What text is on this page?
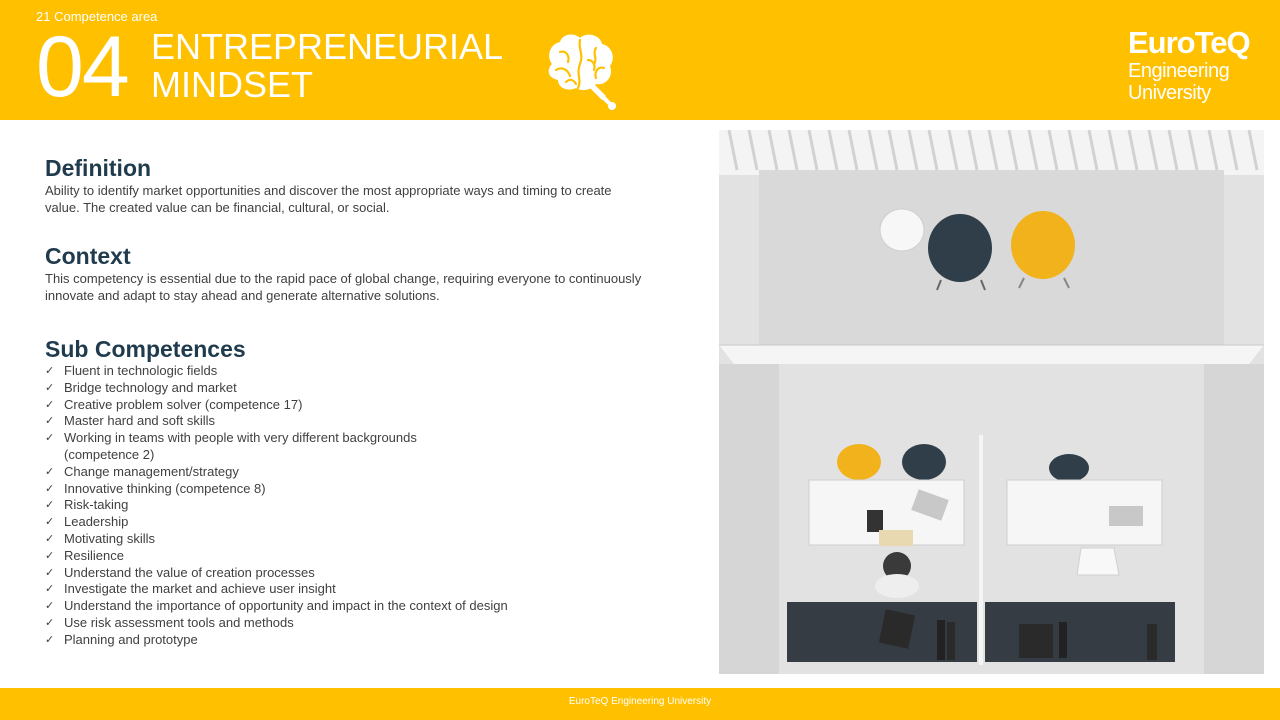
21 Competence area
04 ENTREPRENEURIAL
MINDSET
EuroTeQ
Engineering
University
Definition
Ability to identify market opportunities and discover the most appropriate ways and timing to create value. The created value can be financial, cultural, or social.
Context
This competency is essential due to the rapid pace of global change, requiring everyone to continuously innovate and adapt to stay ahead and generate alternative solutions.
Sub Competences
✓ Fluent in technologic fields
✓ Bridge technology and market
✓ Creative problem solver (competence 17)
✓ Master hard and soft skills
✓ Working in teams with people with very different backgrounds (competence 2)
✓ Change management/strategy
✓ Innovative thinking (competence 8)
✓ Risk-taking
✓ Leadership
✓ Motivating skills
✓ Resilience
✓ Understand the value of creation processes
✓ Investigate the market and achieve user insight
✓ Understand the importance of opportunity and impact in the context of design
✓ Use risk assessment tools and methods
✓ Planning and prototype
EuroTeQ Engineering University
